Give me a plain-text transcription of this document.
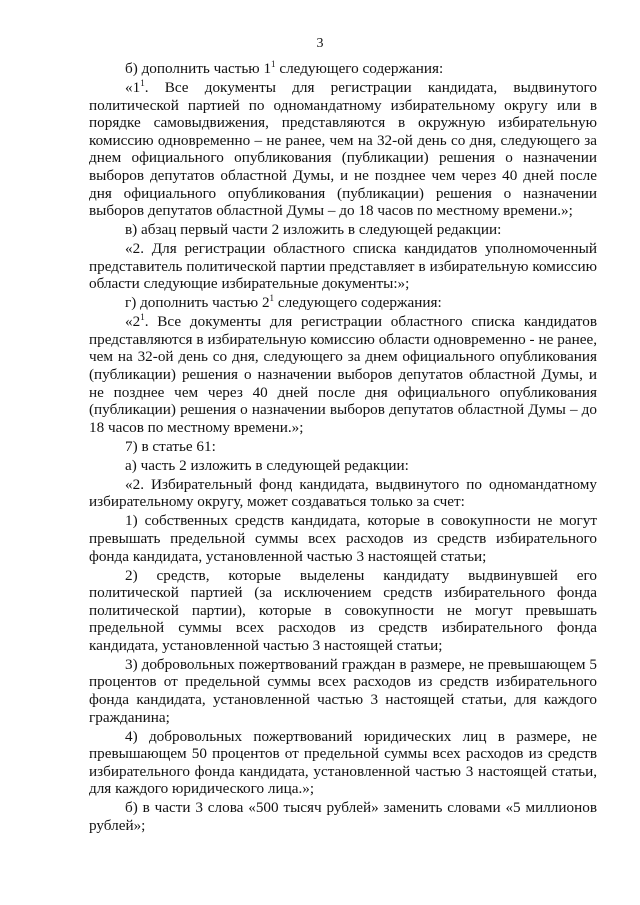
3

б) дополнить частью $1^1$ следующего содержания:

«$1^1$. Все документы для регистрации кандидата, выдвинутого политической партией по одномандатному избирательному округу или в порядке самовыдвижения, представляются в окружную избирательную комиссию одновременно – не ранее, чем на 32-ой день со дня, следующего за днем официального опубликования (публикации) решения о назначении выборов депутатов областной Думы, и не позднее чем через 40 дней после дня официального опубликования (публикации) решения о назначении выборов депутатов областной Думы – до 18 часов по местному времени.»;

в) абзац первый части 2 изложить в следующей редакции:

«2. Для регистрации областного списка кандидатов уполномоченный представитель политической партии представляет в избирательную комиссию области следующие избирательные документы:»;

г) дополнить частью $2^1$ следующего содержания:

«$2^1$. Все документы для регистрации областного списка кандидатов представляются в избирательную комиссию области одновременно - не ранее, чем на 32-ой день со дня, следующего за днем официального опубликования (публикации) решения о назначении выборов депутатов областной Думы, и не позднее чем через 40 дней после дня официального опубликования (публикации) решения о назначении выборов депутатов областной Думы – до 18 часов по местному времени.»;

7) в статье 61:

а) часть 2 изложить в следующей редакции:

«2. Избирательный фонд кандидата, выдвинутого по одномандатному избирательному округу, может создаваться только за счет:

1) собственных средств кандидата, которые в совокупности не могут превышать предельной суммы всех расходов из средств избирательного фонда кандидата, установленной частью 3 настоящей статьи;

2) средств, которые выделены кандидату выдвинувшей его политической партией (за исключением средств избирательного фонда политической партии), которые в совокупности не могут превышать предельной суммы всех расходов из средств избирательного фонда кандидата, установленной частью 3 настоящей статьи;

3) добровольных пожертвований граждан в размере, не превышающем 5 процентов от предельной суммы всех расходов из средств избирательного фонда кандидата, установленной частью 3 настоящей статьи, для каждого гражданина;

4) добровольных пожертвований юридических лиц в размере, не превышающем 50 процентов от предельной суммы всех расходов из средств избирательного фонда кандидата, установленной частью 3 настоящей статьи, для каждого юридического лица.»;

б) в части 3 слова «500 тысяч рублей» заменить словами «5 миллионов рублей»;
